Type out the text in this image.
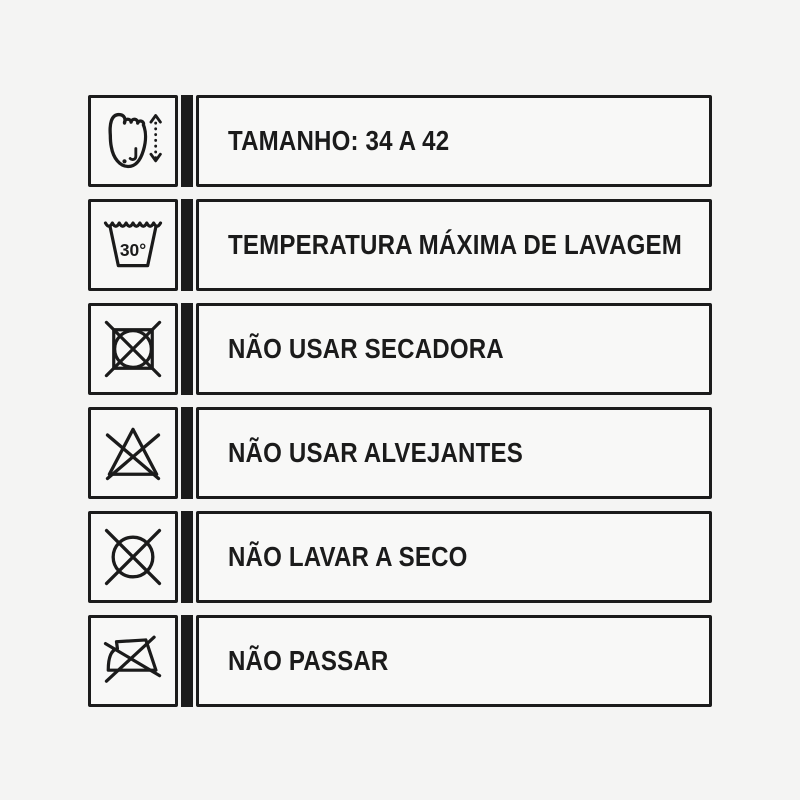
TAMANHO: 34 A 42
30°	TEMPERATURA MÁXIMA DE LAVAGEM
NÃO USAR SECADORA
NÃO USAR ALVEJANTES
NÃO LAVAR A SECO
NÃO PASSAR
